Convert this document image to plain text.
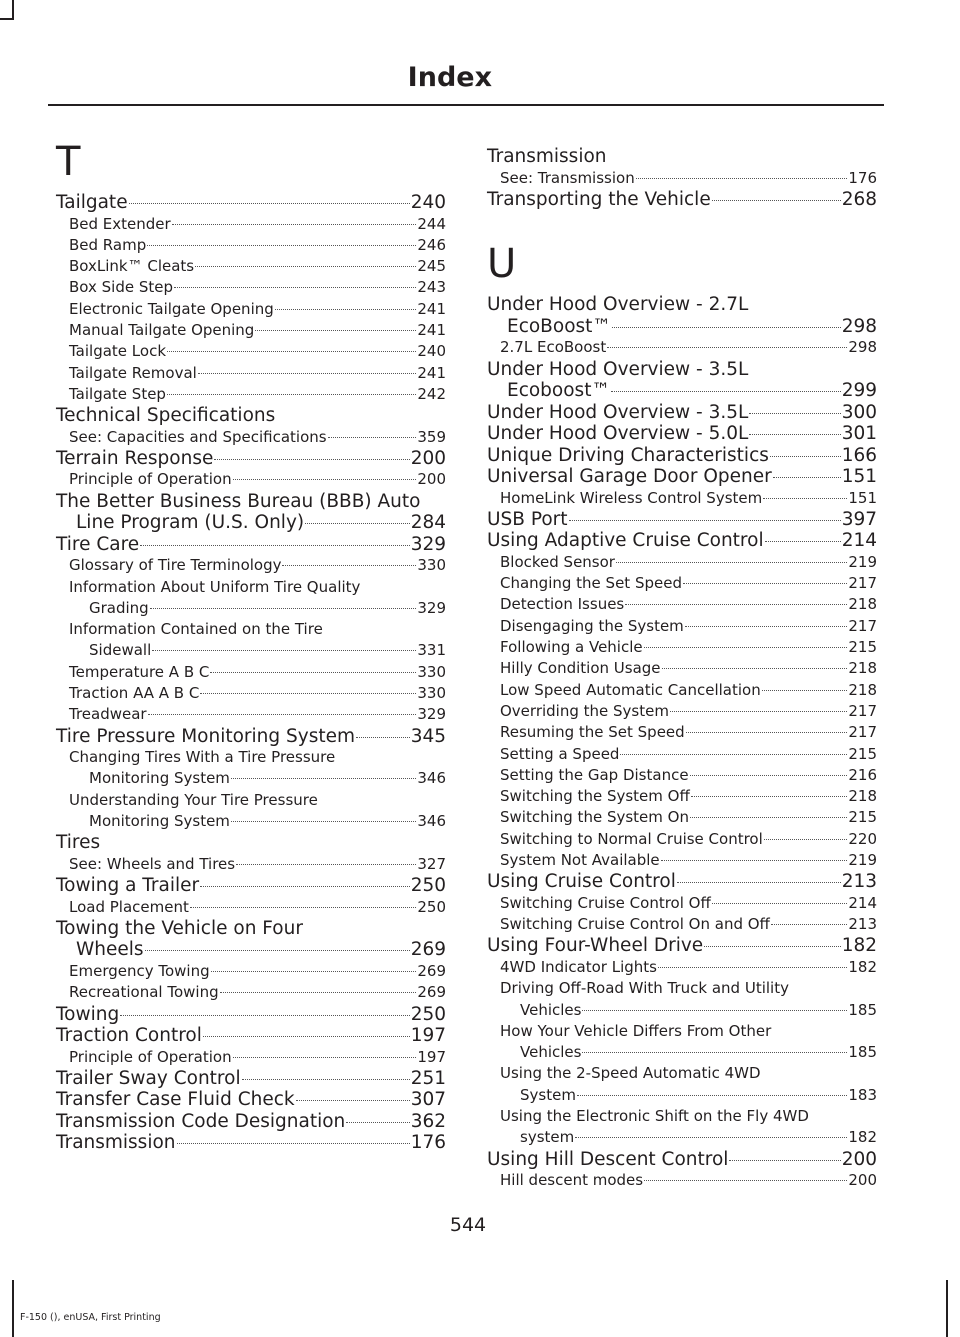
Index
T
Tailgate	240
Bed Extender	244
Bed Ramp	246
BoxLink™ Cleats	245
Box Side Step	243
Electronic Tailgate Opening	241
Manual Tailgate Opening	241
Tailgate Lock	240
Tailgate Removal	241
Tailgate Step	242
Technical Specifications
See: Capacities and Specifications	359
Terrain Response	200
Principle of Operation	200
The Better Business Bureau (BBB) Auto
Line Program (U.S. Only)	284
Tire Care	329
Glossary of Tire Terminology	330
Information About Uniform Tire Quality
Grading	329
Information Contained on the Tire
Sidewall	331
Temperature A B C	330
Traction AA A B C	330
Treadwear	329
Tire Pressure Monitoring System	345
Changing Tires With a Tire Pressure
Monitoring System	346
Understanding Your Tire Pressure
Monitoring System	346
Tires
See: Wheels and Tires	327
Towing a Trailer	250
Load Placement	250
Towing the Vehicle on Four
Wheels	269
Emergency Towing	269
Recreational Towing	269
Towing	250
Traction Control	197
Principle of Operation	197
Trailer Sway Control	251
Transfer Case Fluid Check	307
Transmission Code Designation	362
Transmission	176
Transmission
See: Transmission	176
Transporting the Vehicle	268
U
Under Hood Overview - 2.7L
EcoBoost™	298
2.7L EcoBoost	298
Under Hood Overview - 3.5L
Ecoboost™	299
Under Hood Overview - 3.5L	300
Under Hood Overview - 5.0L	301
Unique Driving Characteristics	166
Universal Garage Door Opener	151
HomeLink Wireless Control System	151
USB Port	397
Using Adaptive Cruise Control	214
Blocked Sensor	219
Changing the Set Speed	217
Detection Issues	218
Disengaging the System	217
Following a Vehicle	215
Hilly Condition Usage	218
Low Speed Automatic Cancellation	218
Overriding the System	217
Resuming the Set Speed	217
Setting a Speed	215
Setting the Gap Distance	216
Switching the System Off	218
Switching the System On	215
Switching to Normal Cruise Control	220
System Not Available	219
Using Cruise Control	213
Switching Cruise Control Off	214
Switching Cruise Control On and Off	213
Using Four-Wheel Drive	182
4WD Indicator Lights	182
Driving Off-Road With Truck and Utility
Vehicles	185
How Your Vehicle Differs From Other
Vehicles	185
Using the 2-Speed Automatic 4WD
System	183
Using the Electronic Shift on the Fly 4WD
system	182
Using Hill Descent Control	200
Hill descent modes	200
544
F-150 (), enUSA, First Printing
